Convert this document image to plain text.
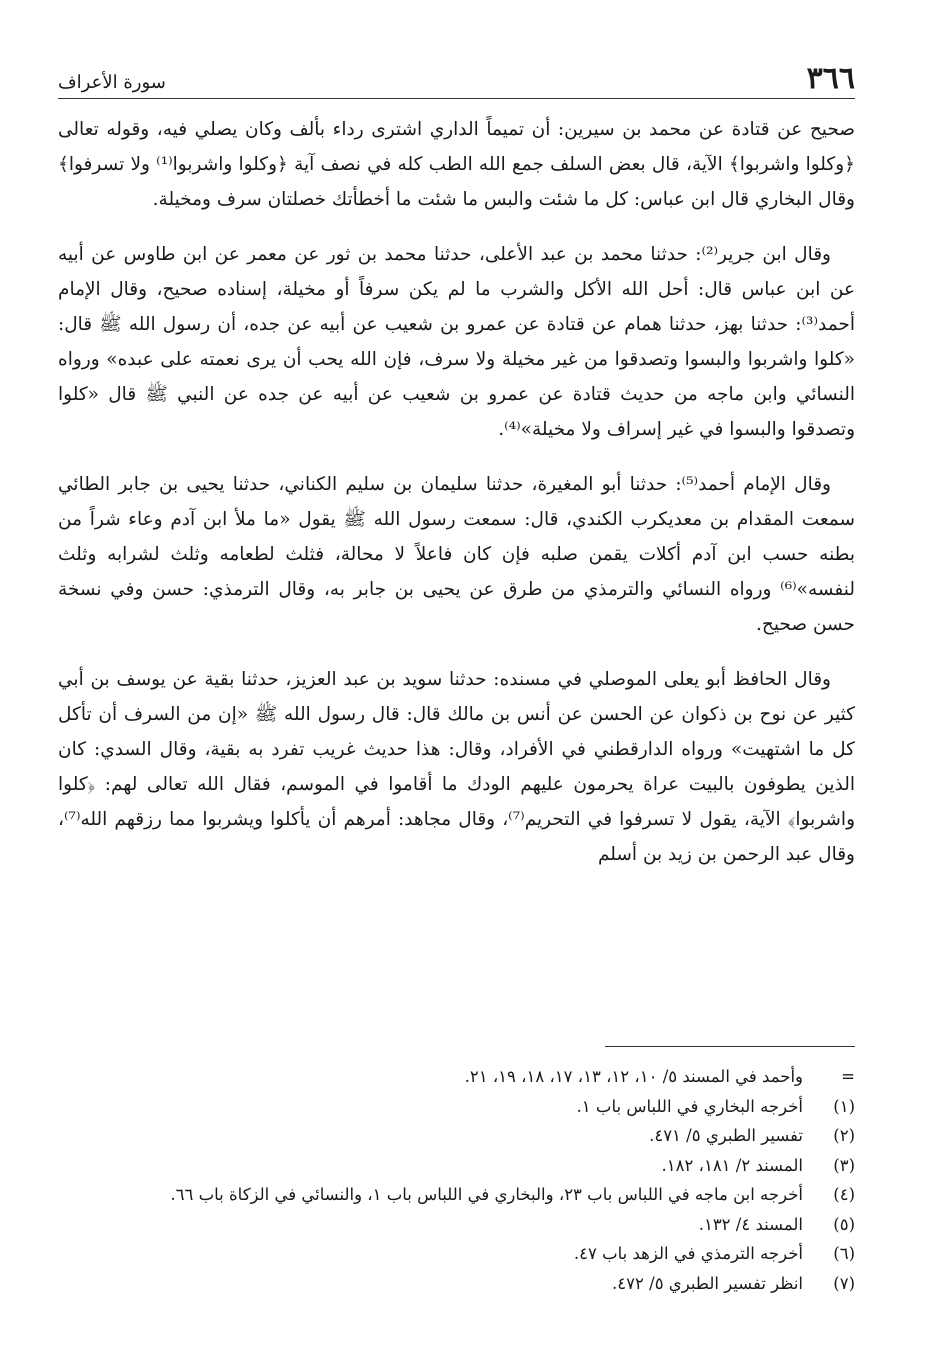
٣٦٦
سورة الأعراف

صحيح عن قتادة عن محمد بن سيرين: أن تميماً الداري اشترى رداء بألف وكان يصلي فيه، وقوله تعالى ﴿وكلوا واشربوا﴾ الآية، قال بعض السلف جمع الله الطب كله في نصف آية ﴿وكلوا واشربوا⁽¹⁾ ولا تسرفوا﴾ وقال البخاري قال ابن عباس: كل ما شئت والبس ما شئت ما أخطأتك خصلتان سرف ومخيلة.

وقال ابن جرير⁽²⁾: حدثنا محمد بن عبد الأعلى، حدثنا محمد بن ثور عن معمر عن ابن طاوس عن أبيه عن ابن عباس قال: أحل الله الأكل والشرب ما لم يكن سرفاً أو مخيلة، إسناده صحيح، وقال الإمام أحمد⁽³⁾: حدثنا بهز، حدثنا همام عن قتادة عن عمرو بن شعيب عن أبيه عن جده، أن رسول الله ﷺ قال: «كلوا واشربوا والبسوا وتصدقوا من غير مخيلة ولا سرف، فإن الله يحب أن يرى نعمته على عبده» ورواه النسائي وابن ماجه من حديث قتادة عن عمرو بن شعيب عن أبيه عن جده عن النبي ﷺ قال «كلوا وتصدقوا والبسوا في غير إسراف ولا مخيلة»⁽⁴⁾.

وقال الإمام أحمد⁽⁵⁾: حدثنا أبو المغيرة، حدثنا سليمان بن سليم الكناني، حدثنا يحيى بن جابر الطائي سمعت المقدام بن معديكرب الكندي، قال: سمعت رسول الله ﷺ يقول «ما ملأ ابن آدم وعاء شراً من بطنه حسب ابن آدم أكلات يقمن صلبه فإن كان فاعلاً لا محالة، فثلث لطعامه وثلث لشرابه وثلث لنفسه»⁽⁶⁾ ورواه النسائي والترمذي من طرق عن يحيى بن جابر به، وقال الترمذي: حسن وفي نسخة حسن صحيح.

وقال الحافظ أبو يعلى الموصلي في مسنده: حدثنا سويد بن عبد العزيز، حدثنا بقية عن يوسف بن أبي كثير عن نوح بن ذكوان عن الحسن عن أنس بن مالك قال: قال رسول الله ﷺ «إن من السرف أن تأكل كل ما اشتهيت» ورواه الدارقطني في الأفراد، وقال: هذا حديث غريب تفرد به بقية، وقال السدي: كان الذين يطوفون بالبيت عراة يحرمون عليهم الودك ما أقاموا في الموسم، فقال الله تعالى لهم: ﴿كلوا واشربوا﴾ الآية، يقول لا تسرفوا في التحريم⁽⁷⁾، وقال مجاهد: أمرهم أن يأكلوا ويشربوا مما رزقهم الله⁽⁷⁾، وقال عبد الرحمن بن زيد بن أسلم

=
وأحمد في المسند ٥/ ١٠، ١٢، ١٣، ١٧، ١٨، ١٩، ٢١.
(١)
أخرجه البخاري في اللباس باب ١.
(٢)
تفسير الطبري ٥/ ٤٧١.
(٣)
المسند ٢/ ١٨١، ١٨٢.
(٤)
أخرجه ابن ماجه في اللباس باب ٢٣، والبخاري في اللباس باب ١، والنسائي في الزكاة باب ٦٦.
(٥)
المسند ٤/ ١٣٢.
(٦)
أخرجه الترمذي في الزهد باب ٤٧.
(٧)
انظر تفسير الطبري ٥/ ٤٧٢.
